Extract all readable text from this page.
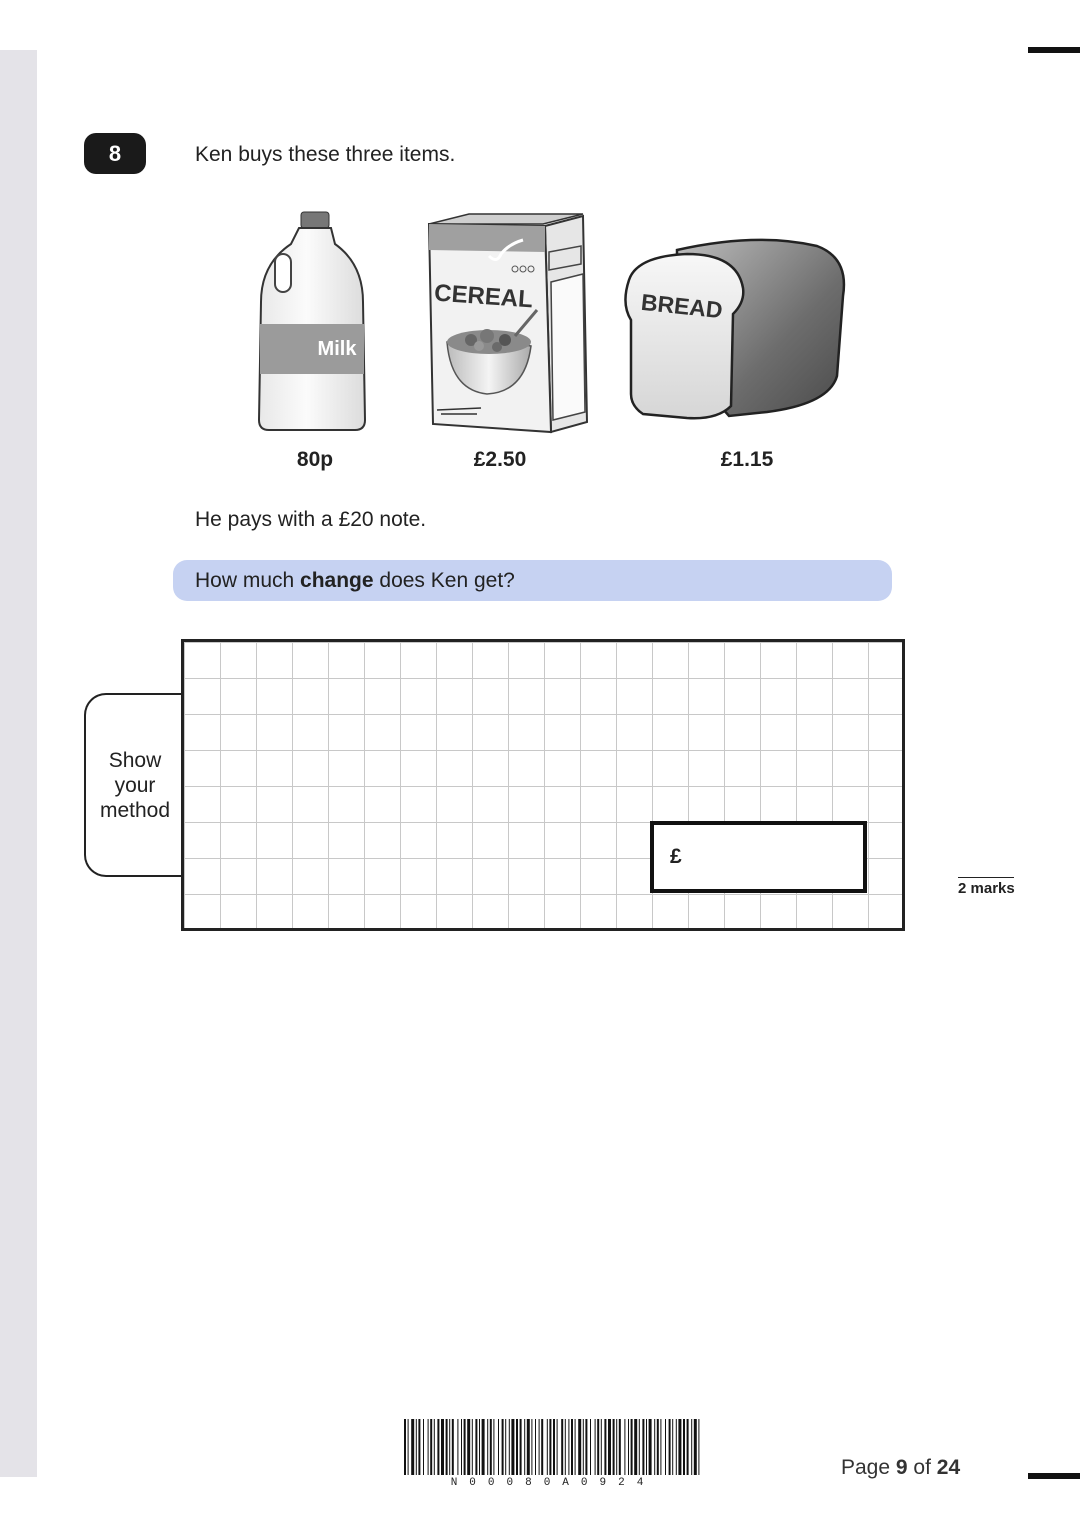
8	Ken buys these three items.
Milk
80p
CEREAL
£2.50
BREAD
£1.15
He pays with a £20 note.
How much change does Ken get?
Show your method
£
2 marks
N00080A0924
Page 9 of 24
